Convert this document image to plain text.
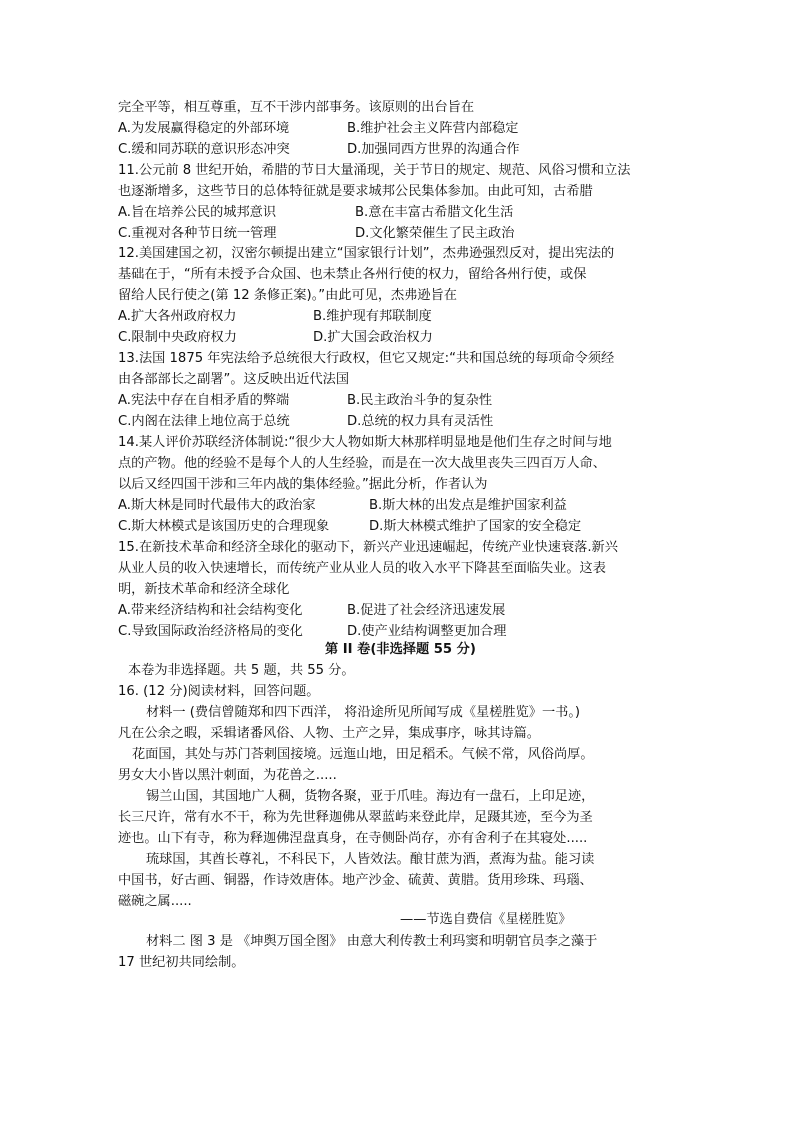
完全平等，相互尊重，互不干涉内部事务。该原则的出台旨在
A.为发展赢得稳定的外部环境	B.维护社会主义阵营内部稳定
C.缓和同苏联的意识形态冲突	D.加强同西方世界的沟通合作
11.公元前 8 世纪开始，希腊的节日大量涌现，关于节日的规定、规范、风俗习惯和立法
也逐渐增多，这些节日的总体特征就是要求城邦公民集体参加。由此可知，古希腊
A.旨在培养公民的城邦意识	B.意在丰富古希腊文化生活
C.重视对各种节日统一管理	D.文化繁荣催生了民主政治
12.美国建国之初，汉密尔顿提出建立“国家银行计划”，杰弗逊强烈反对，提出宪法的
基础在于，“所有未授予合众国、也未禁止各州行使的权力，留给各州行使，或保
留给人民行使之(第 12 条修正案)。”由此可见，杰弗逊旨在
A.扩大各州政府权力	B.维护现有邦联制度
C.限制中央政府权力	D.扩大国会政治权力
13.法国 1875 年宪法给予总统很大行政权，但它又规定:“共和国总统的每项命令须经
由各部部长之副署”。这反映出近代法国
A.宪法中存在自相矛盾的弊端	B.民主政治斗争的复杂性
C.内阁在法律上地位高于总统	D.总统的权力具有灵活性
14.某人评价苏联经济体制说:“很少大人物如斯大林那样明显地是他们生存之时间与地
点的产物。他的经验不是每个人的人生经验，而是在一次大战里丧失三四百万人命、
以后又经四国干涉和三年内战的集体经验。”据此分析，作者认为
A.斯大林是同时代最伟大的政治家	B.斯大林的出发点是维护国家利益
C.斯大林模式是该国历史的合理现象	D.斯大林模式维护了国家的安全稳定
15.在新技术革命和经济全球化的驱动下，新兴产业迅速崛起，传统产业快速衰落.新兴
从业人员的收入快速增长，而传统产业从业人员的收入水平下降甚至面临失业。这表
明，新技术革命和经济全球化
A.带来经济结构和社会结构变化	B.促进了社会经济迅速发展
C.导致国际政治经济格局的变化	D.使产业结构调整更加合理
第 II 卷(非选择题 55 分)
本卷为非选择题。共 5 题，共 55 分。
16. (12 分)阅读材料，回答问题。
材料一 (费信曾随郑和四下西洋， 将沿途所见所闻写成《星槎胜览》一书。)
凡在公余之暇，采辑诸番风俗、人物、土产之异，集成事序，咏其诗篇。
花面国，其处与苏门荅剌国接境。远迤山地，田足稻禾。气候不常，风俗尚厚。
男女大小皆以黑汁刺面，为花兽之.....
锡兰山国，其国地广人稠，货物各聚，亚于爪哇。海边有一盘石，上印足迹，
长三尺许，常有水不干，称为先世释迦佛从翠蓝屿来登此岸，足蹑其迹，至今为圣
迹也。山下有寺，称为释迦佛涅盘真身，在寺侧卧尚存，亦有舍利子在其寝处.....
琉球国，其酋长尊礼，不科民下，人皆效法。酿甘蔗为酒，煮海为盐。能习读
中国书，好古画、铜器，作诗效唐体。地产沙金、硫黄、黄腊。货用珍珠、玛瑙、
磁碗之属.....
——节选自费信《星槎胜览》
材料二 图 3 是 《坤舆万国全图》 由意大利传教士利玛窦和明朝官员李之藻于
17 世纪初共同绘制。
